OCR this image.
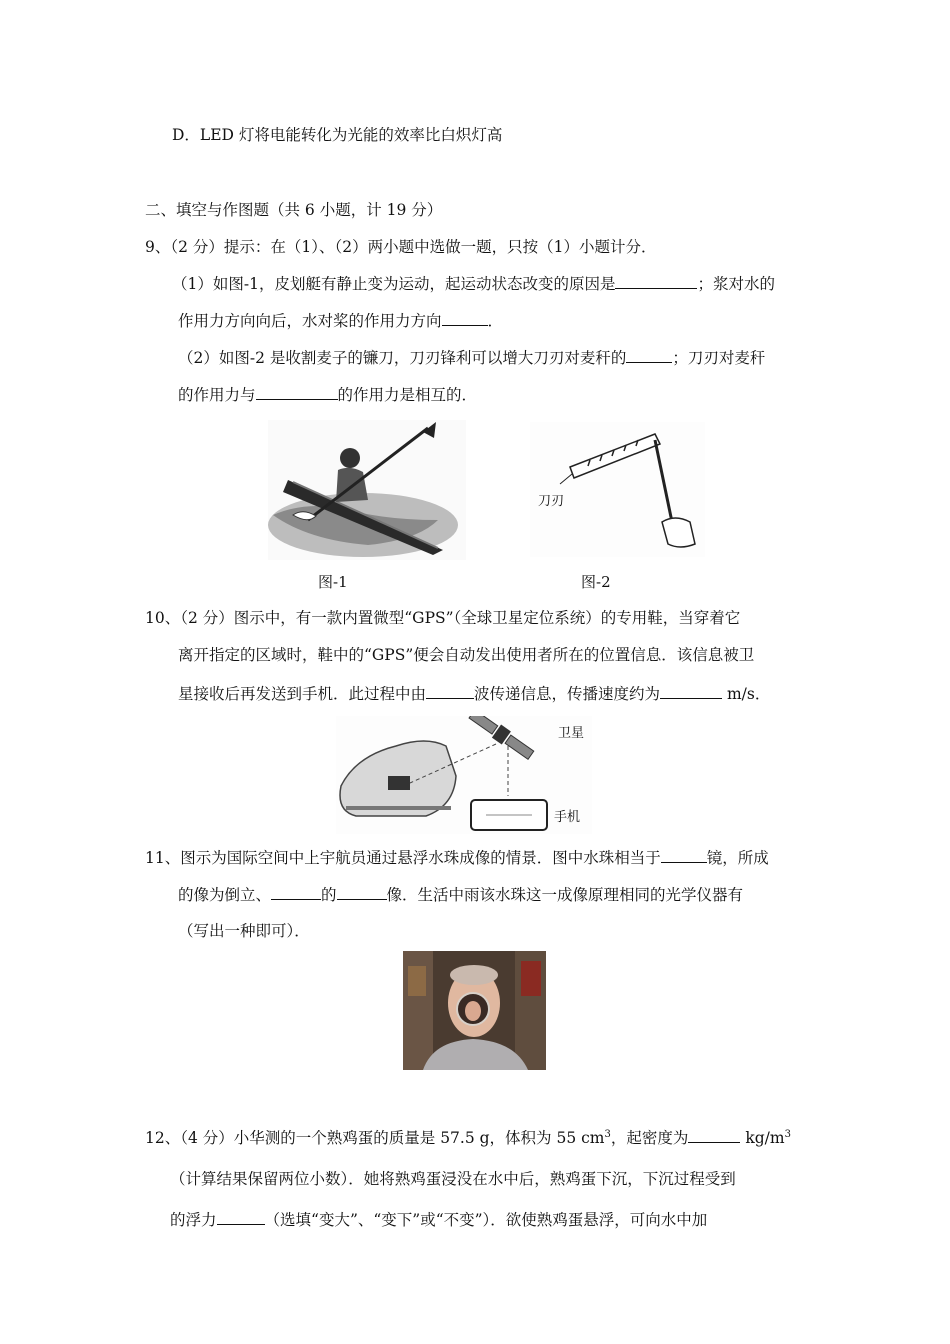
D．LED 灯将电能转化为光能的效率比白炽灯高
二、填空与作图题（共 6 小题，计 19 分）
9、（2 分）提示：在（1）、（2）两小题中选做一题，只按（1）小题计分．
（1）如图-1，皮划艇有静止变为运动，起运动状态改变的原因是	；浆对水的
作用力方向向后，水对桨的作用力方向	．
（2）如图-2 是收割麦子的镰刀，刀刃锋利可以增大刀刃对麦秆的	；刀刃对麦秆
的作用力与	的作用力是相互的．
刀刃
图-1	图-2
10、（2 分）图示中，有一款内置微型“GPS”（全球卫星定位系统）的专用鞋，当穿着它
离开指定的区域时，鞋中的“GPS”便会自动发出使用者所在的位置信息．该信息被卫
星接收后再发送到手机．此过程中由	波传递信息，传播速度约为	m/s．
卫星
手机
11、图示为国际空间中上宇航员通过悬浮水珠成像的情景．图中水珠相当于	镜，所成
的像为倒立、	的	像．生活中雨该水珠这一成像原理相同的光学仪器有
（写出一种即可）．
12、（4 分）小华测的一个熟鸡蛋的质量是 57.5 g，体积为 55 $cm^3$，起密度为	$kg/m^3$
（计算结果保留两位小数）．她将熟鸡蛋浸没在水中后，熟鸡蛋下沉，下沉过程受到
的浮力	（选填“变大”、“变下”或“不变”）．欲使熟鸡蛋悬浮，可向水中加
